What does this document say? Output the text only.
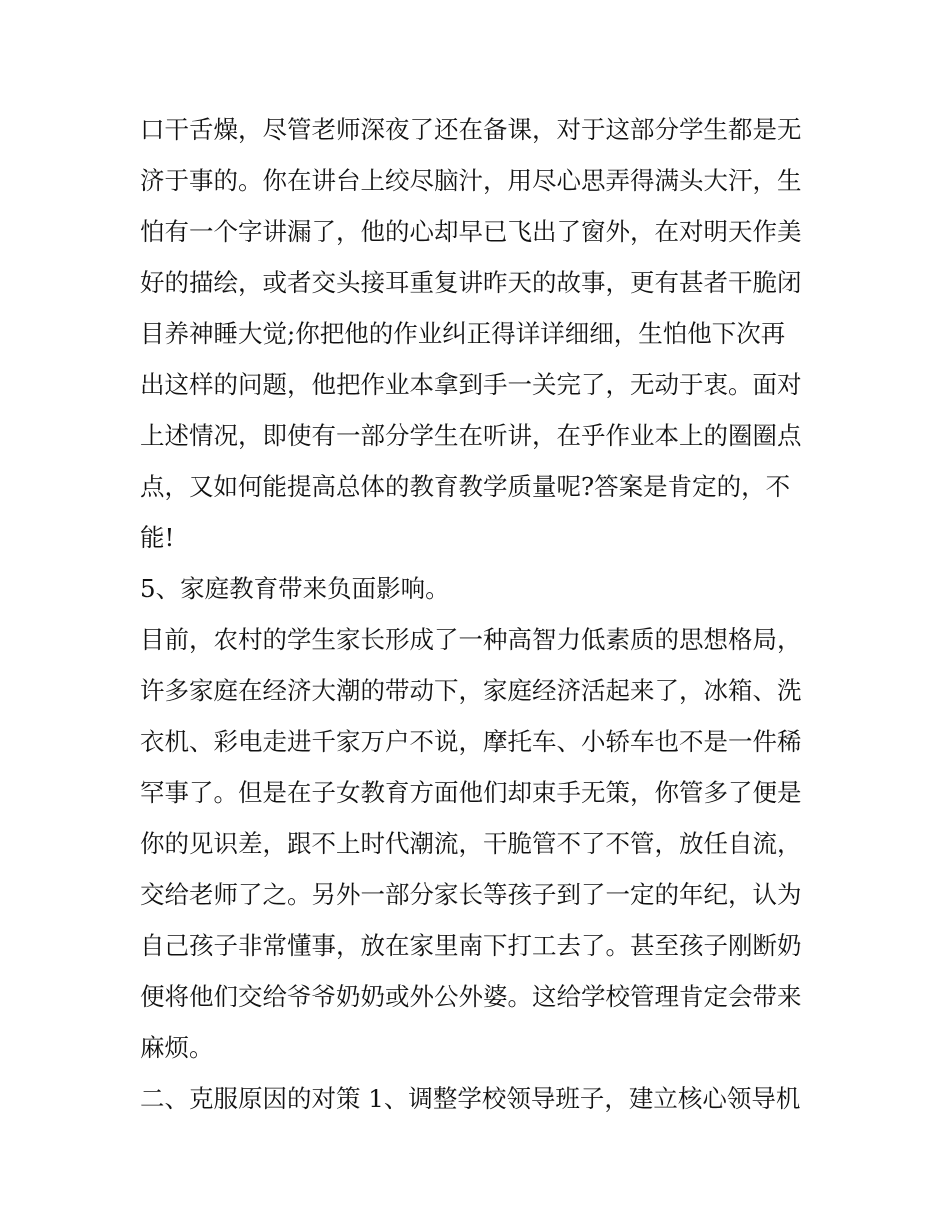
口干舌燥，尽管老师深夜了还在备课，对于这部分学生都是无
济于事的。你在讲台上绞尽脑汁，用尽心思弄得满头大汗，生
怕有一个字讲漏了，他的心却早已飞出了窗外，在对明天作美
好的描绘，或者交头接耳重复讲昨天的故事，更有甚者干脆闭
目养神睡大觉;你把他的作业纠正得详详细细，生怕他下次再
出这样的问题，他把作业本拿到手一关完了，无动于衷。面对
上述情况，即使有一部分学生在听讲，在乎作业本上的圈圈点
点，又如何能提高总体的教育教学质量呢?答案是肯定的，不
能!
5、家庭教育带来负面影响。
目前，农村的学生家长形成了一种高智力低素质的思想格局，
许多家庭在经济大潮的带动下，家庭经济活起来了，冰箱、洗
衣机、彩电走进千家万户不说，摩托车、小轿车也不是一件稀
罕事了。但是在子女教育方面他们却束手无策，你管多了便是
你的见识差，跟不上时代潮流，干脆管不了不管，放任自流，
交给老师了之。另外一部分家长等孩子到了一定的年纪，认为
自己孩子非常懂事，放在家里南下打工去了。甚至孩子刚断奶
便将他们交给爷爷奶奶或外公外婆。这给学校管理肯定会带来
麻烦。
二、克服原因的对策 1、调整学校领导班子，建立核心领导机
